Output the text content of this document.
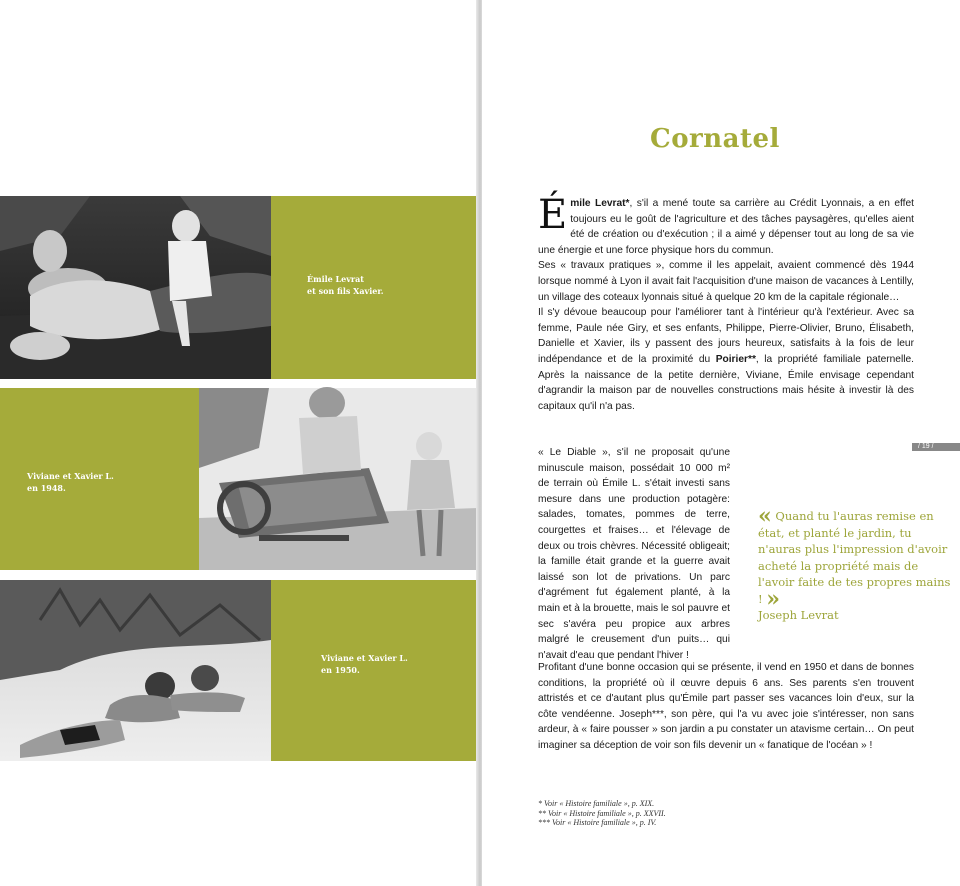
Émile Levrat
et son fils Xavier.
Viviane et Xavier L.
en 1948.
Viviane et Xavier L.
en 1950.
Cornatel

Émile Levrat*, s'il a mené toute sa carrière au Crédit Lyonnais, a en effet toujours eu le goût de l'agriculture et des tâches paysagères, qu'elles aient été de création ou d'exécution ; il a aimé y dépenser tout au long de sa vie une énergie et une force physique hors du commun.

Ses « travaux pratiques », comme il les appelait, avaient commencé dès 1944 lorsque nommé à Lyon il avait fait l'acquisition d'une maison de vacances à Lentilly, un village des coteaux lyonnais situé à quelque 20 km de la capitale régionale…

Il s'y dévoue beaucoup pour l'améliorer tant à l'intérieur qu'à l'extérieur. Avec sa femme, Paule née Giry, et ses enfants, Philippe, Pierre-Olivier, Bruno, Élisabeth, Danielle et Xavier, ils y passent des jours heureux, satisfaits à la fois de leur indépendance et de la proximité du Poirier**, la propriété familiale paternelle. Après la naissance de la petite dernière, Viviane, Émile envisage cependant d'agrandir la maison par de nouvelles constructions mais hésite à investir là des capitaux qu'il n'a pas.

/ 19 /
« Le Diable », s'il ne proposait qu'une minuscule maison, possédait 10 000 m² de terrain où Émile L. s'était investi sans mesure dans une production potagère: salades, tomates, pommes de terre, courgettes et fraises… et l'élevage de deux ou trois chèvres. Nécessité obligeait; la famille était grande et la guerre avait laissé son lot de privations. Un parc d'agrément fut également planté, à la main et à la brouette, mais le sol pauvre et sec s'avéra peu propice aux arbres malgré le creusement d'un puits… qui n'avait d'eau que pendant l'hiver !
« Quand tu l'auras remise en état, et planté le jardin, tu n'auras plus l'impression d'avoir acheté la propriété mais de l'avoir faite de tes propres mains ! »
Joseph Levrat
Profitant d'une bonne occasion qui se présente, il vend en 1950 et dans de bonnes conditions, la propriété où il œuvre depuis 6 ans. Ses parents s'en trouvent attristés et ce d'autant plus qu'Émile part passer ses vacances loin d'eux, sur la côte vendéenne. Joseph***, son père, qui l'a vu avec joie s'intéresser, non sans ardeur, à « faire pousser » son jardin a pu constater un atavisme certain… On peut imaginer sa déception de voir son fils devenir un « fanatique de l'océan » !
* Voir « Histoire familiale », p. XIX.
** Voir « Histoire familiale », p. XXVII.
*** Voir « Histoire familiale », p. IV.
